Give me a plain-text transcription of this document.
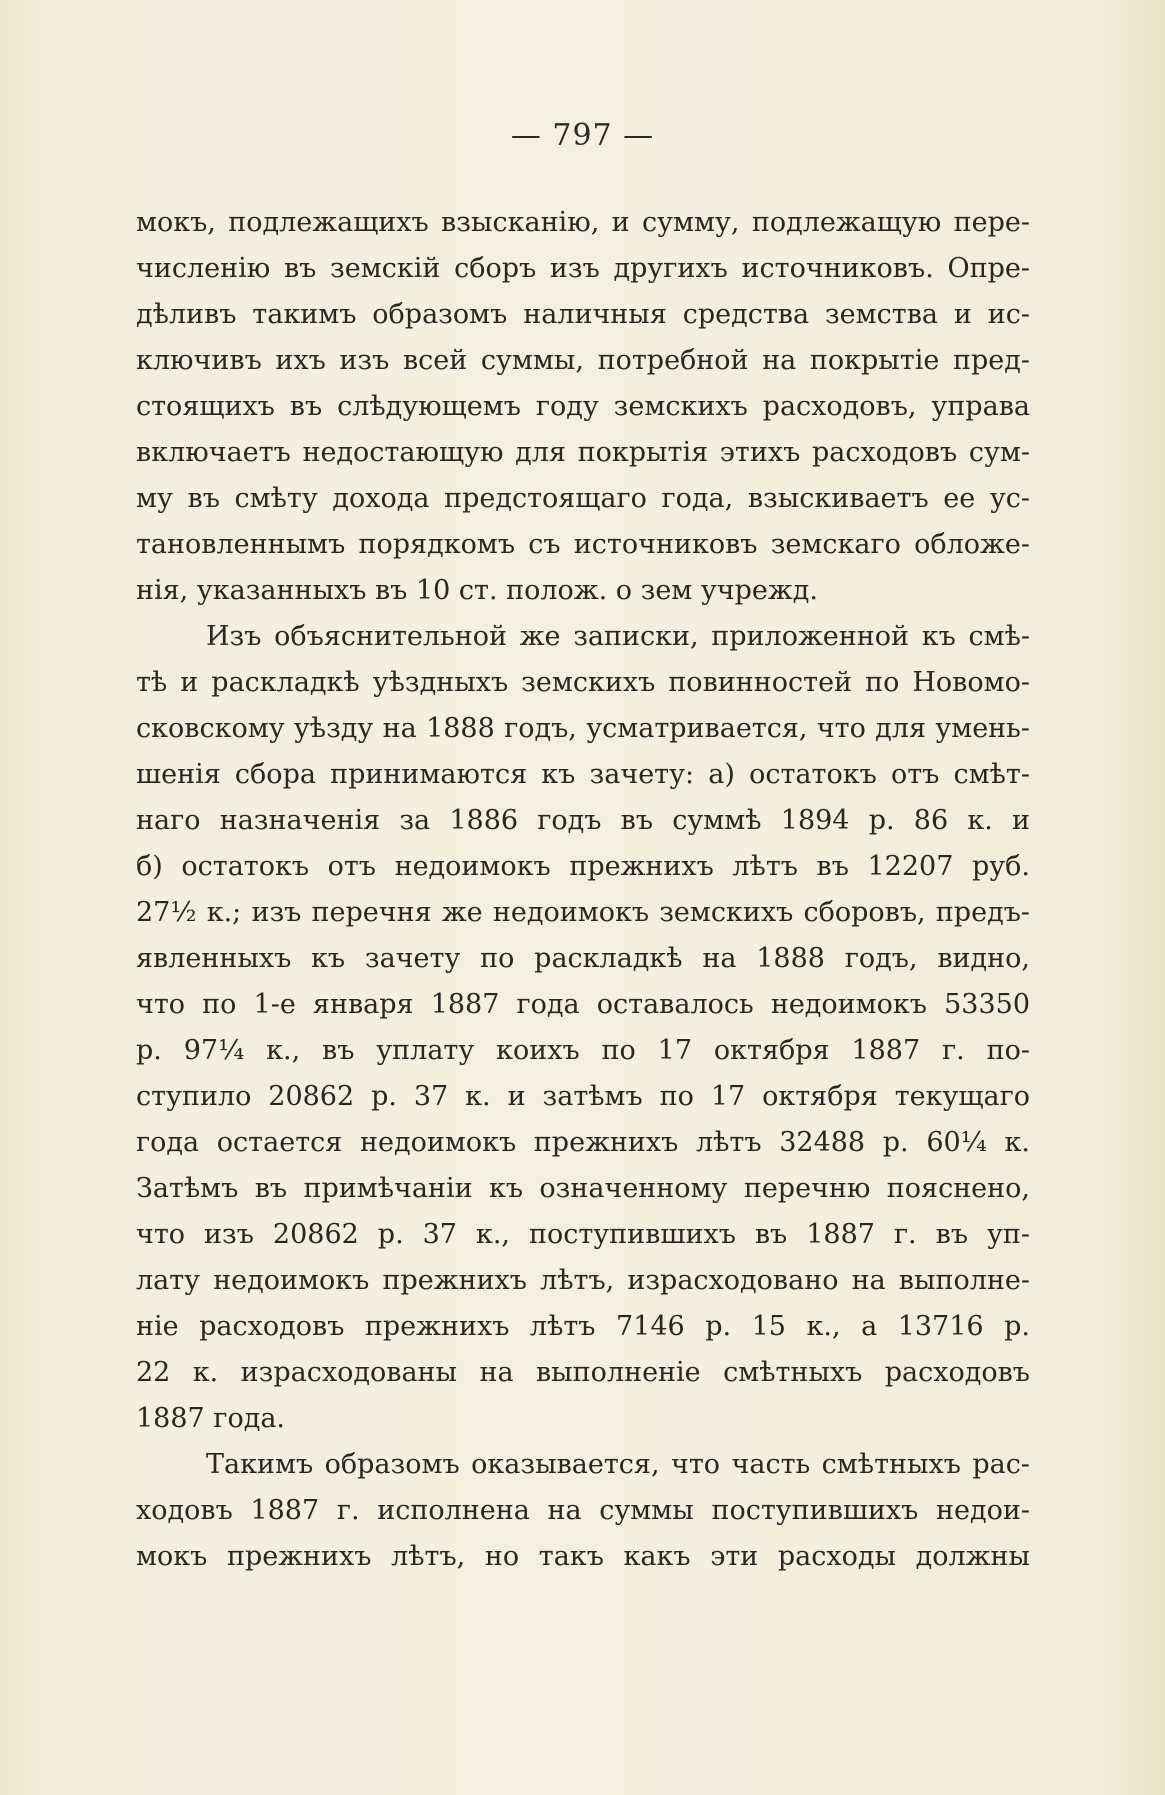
— 797 —
мокъ, подлежащихъ взысканію, и сумму, подлежащую пере-
численію въ земскій сборъ изъ другихъ источниковъ. Опре-
дѣливъ такимъ образомъ наличныя средства земства и ис-
ключивъ ихъ изъ всей суммы, потребной на покрытіе пред-
стоящихъ въ слѣдующемъ году земскихъ расходовъ, управа
включаетъ недостающую для покрытія этихъ расходовъ сум-
му въ смѣту дохода предстоящаго года, взыскиваетъ ее ус-
тановленнымъ порядкомъ съ источниковъ земскаго обложе-
нія, указанныхъ въ 10 ст. полож. о зем учрежд.
Изъ объяснительной же записки, приложенной къ смѣ-
тѣ и раскладкѣ уѣздныхъ земскихъ повинностей по Новомо-
сковскому уѣзду на 1888 годъ, усматривается, что для умень-
шенія сбора принимаются къ зачету: а) остатокъ отъ смѣт-
наго назначенія за 1886 годъ въ суммѣ 1894 р. 86 к. и
б) остатокъ отъ недоимокъ прежнихъ лѣтъ въ 12207 руб.
27½ к.; изъ перечня же недоимокъ земскихъ сборовъ, предъ-
явленныхъ къ зачету по раскладкѣ на 1888 годъ, видно,
что по 1-е января 1887 года оставалось недоимокъ 53350
р. 97¼ к., въ уплату коихъ по 17 октября 1887 г. по-
ступило 20862 р. 37 к. и затѣмъ по 17 октября текущаго
года остается недоимокъ прежнихъ лѣтъ 32488 р. 60¼ к.
Затѣмъ въ примѣчаніи къ означенному перечню пояснено,
что изъ 20862 р. 37 к., поступившихъ въ 1887 г. въ уп-
лату недоимокъ прежнихъ лѣтъ, израсходовано на выполне-
ніе расходовъ прежнихъ лѣтъ 7146 р. 15 к., а 13716 р.
22 к. израсходованы на выполненіе смѣтныхъ расходовъ
1887 года.
Такимъ образомъ оказывается, что часть смѣтныхъ рас-
ходовъ 1887 г. исполнена на суммы поступившихъ недои-
мокъ прежнихъ лѣтъ, но такъ какъ эти расходы должны
